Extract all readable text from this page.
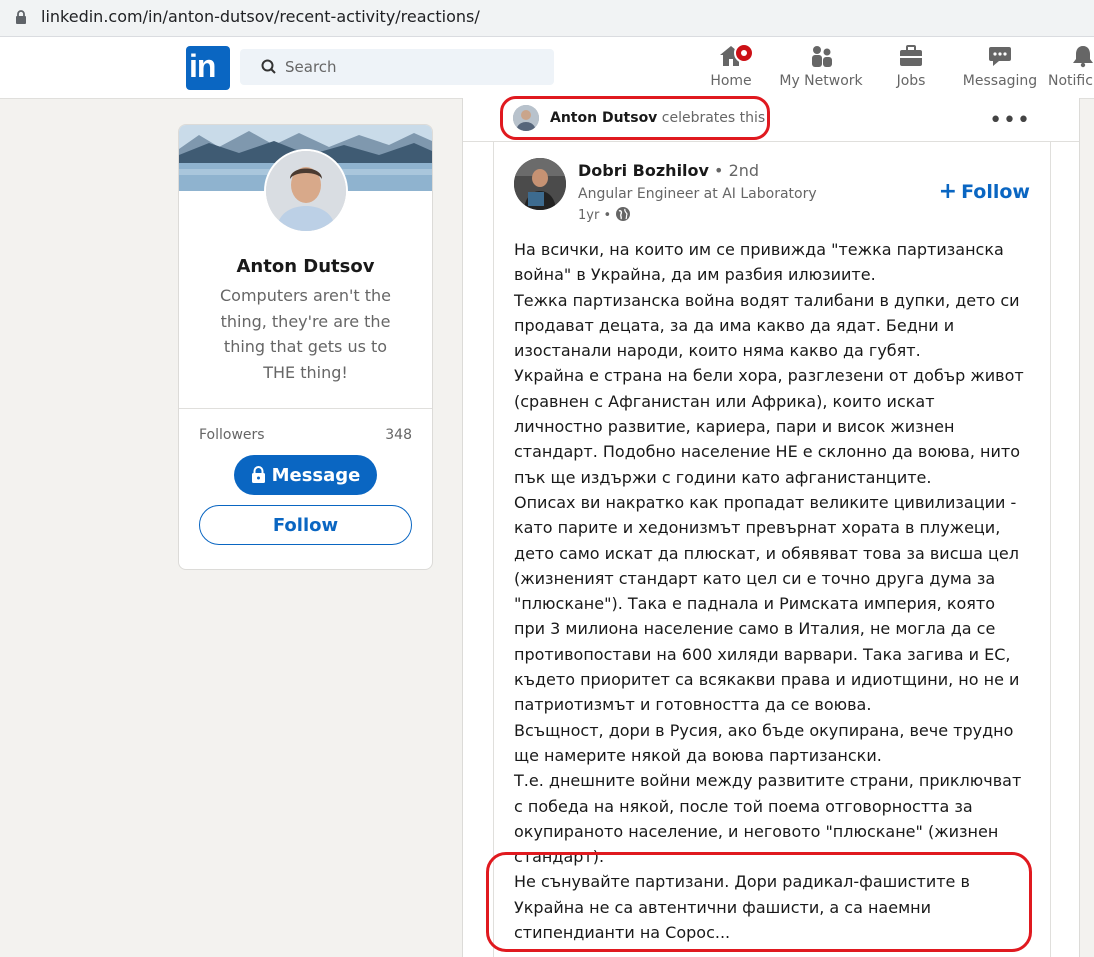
linkedin.com/in/anton-dutsov/recent-activity/reactions/
in	Search
Home My Network	Jobs	Messaging Notific
Anton Dutsov
Computers aren't the thing, they're are the thing that gets us to THE thing!
Followers	348
Message
Follow
Anton Dutsov celebrates this	•••
Dobri Bozhilov • 2nd
Angular Engineer at AI Laboratory
1yr •
+ Follow

На всички, на които им се привижда "тежка партизанска война" в Украйна, да им разбия илюзиите.

Тежка партизанска война водят талибани в дупки, дето си продават децата, за да има какво да ядат. Бедни и изостанали народи, които няма какво да губят.

Украйна е страна на бели хора, разглезени от добър живот (сравнен с Афганистан или Африка), които искат личностно развитие, кариера, пари и висок жизнен стандарт. Подобно население НЕ е склонно да воюва, нито пък ще издържи с години като афганистанците.

Описах ви накратко как пропадат великите цивилизации - като парите и хедонизмът превърнат хората в плужеци, дето само искат да плюскат, и обявяват това за висша цел (жизненият стандарт като цел си е точно друга дума за "плюскане"). Така е паднала и Римската империя, която при 3 милиона население само в Италия, не могла да се противопостави на 600 хиляди варвари. Така загива и ЕС, където приоритет са всякакви права и идиотщини, но не и патриотизмът и готовността да се воюва.

Всъщност, дори в Русия, ако бъде окупирана, вече трудно ще намерите някой да воюва партизански.

Т.е. днешните войни между развитите страни, приключват с победа на някой, после той поема отговорността за окупираното население, и неговото "плюскане" (жизнен стандарт).

Не сънувайте партизани. Дори радикал-фашистите в Украйна не са автентични фашисти, а са наемни стипендианти на Сорос...
